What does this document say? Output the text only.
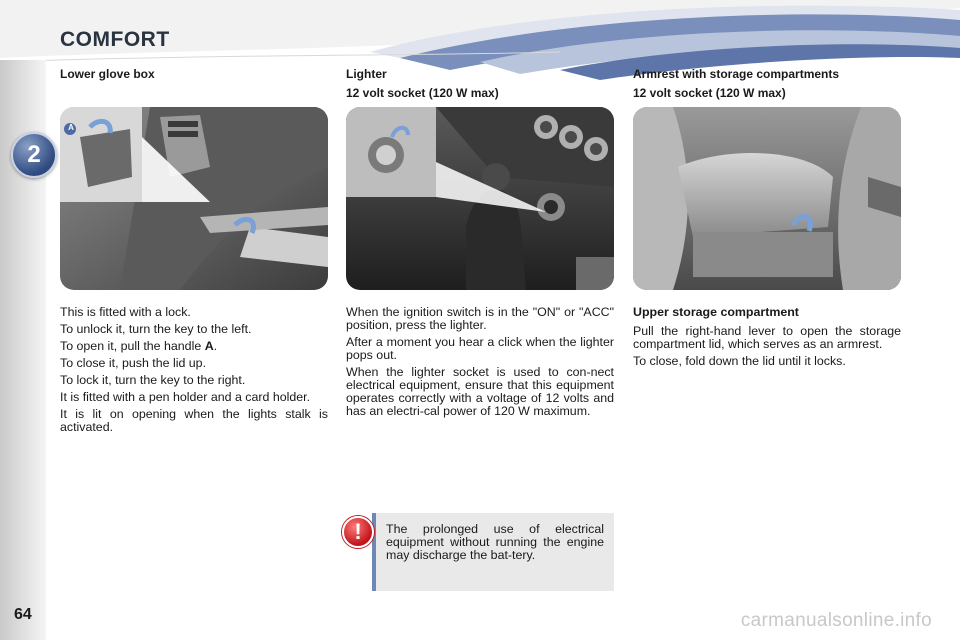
COMFORT
2
64
Lower glove box	Lighter
12 volt socket (120 W max)
Armrest with storage compartments
12 volt socket (120 W max)
A

This is fitted with a lock.

To unlock it, turn the key to the left.

To open it, pull the handle A.

To close it, push the lid up.

To lock it, turn the key to the right.

It is fitted with a pen holder and a card holder.

It is lit on opening when the lights stalk is activated.

When the ignition switch is in the "ON" or "ACC" position, press the lighter.

After a moment you hear a click when the lighter pops out.

When the lighter socket is used to con-nect electrical equipment, ensure that this equipment operates correctly with a voltage of 12 volts and has an electri-cal power of 120 W maximum.

Upper storage compartment

Pull the right-hand lever to open the storage compartment lid, which serves as an armrest.

To close, fold down the lid until it locks.

! The prolonged use of electrical equipment without running the engine may discharge the bat-tery.
carmanualsonline.info
